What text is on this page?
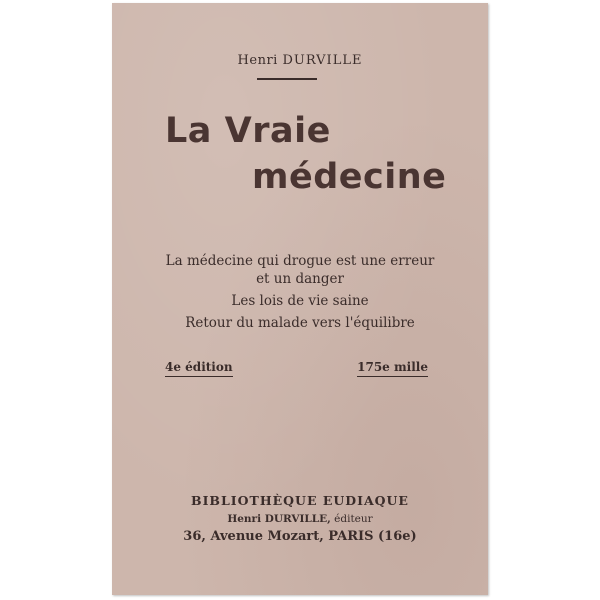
Henri DURVILLE
La Vraie
médecine
La médecine qui drogue est une erreur
et un danger
Les lois de vie saine
Retour du malade vers l'équilibre
4e édition	175e mille
BIBLIOTHÈQUE EUDIAQUE
Henri DURVILLE, éditeur
36, Avenue Mozart, PARIS (16e)
